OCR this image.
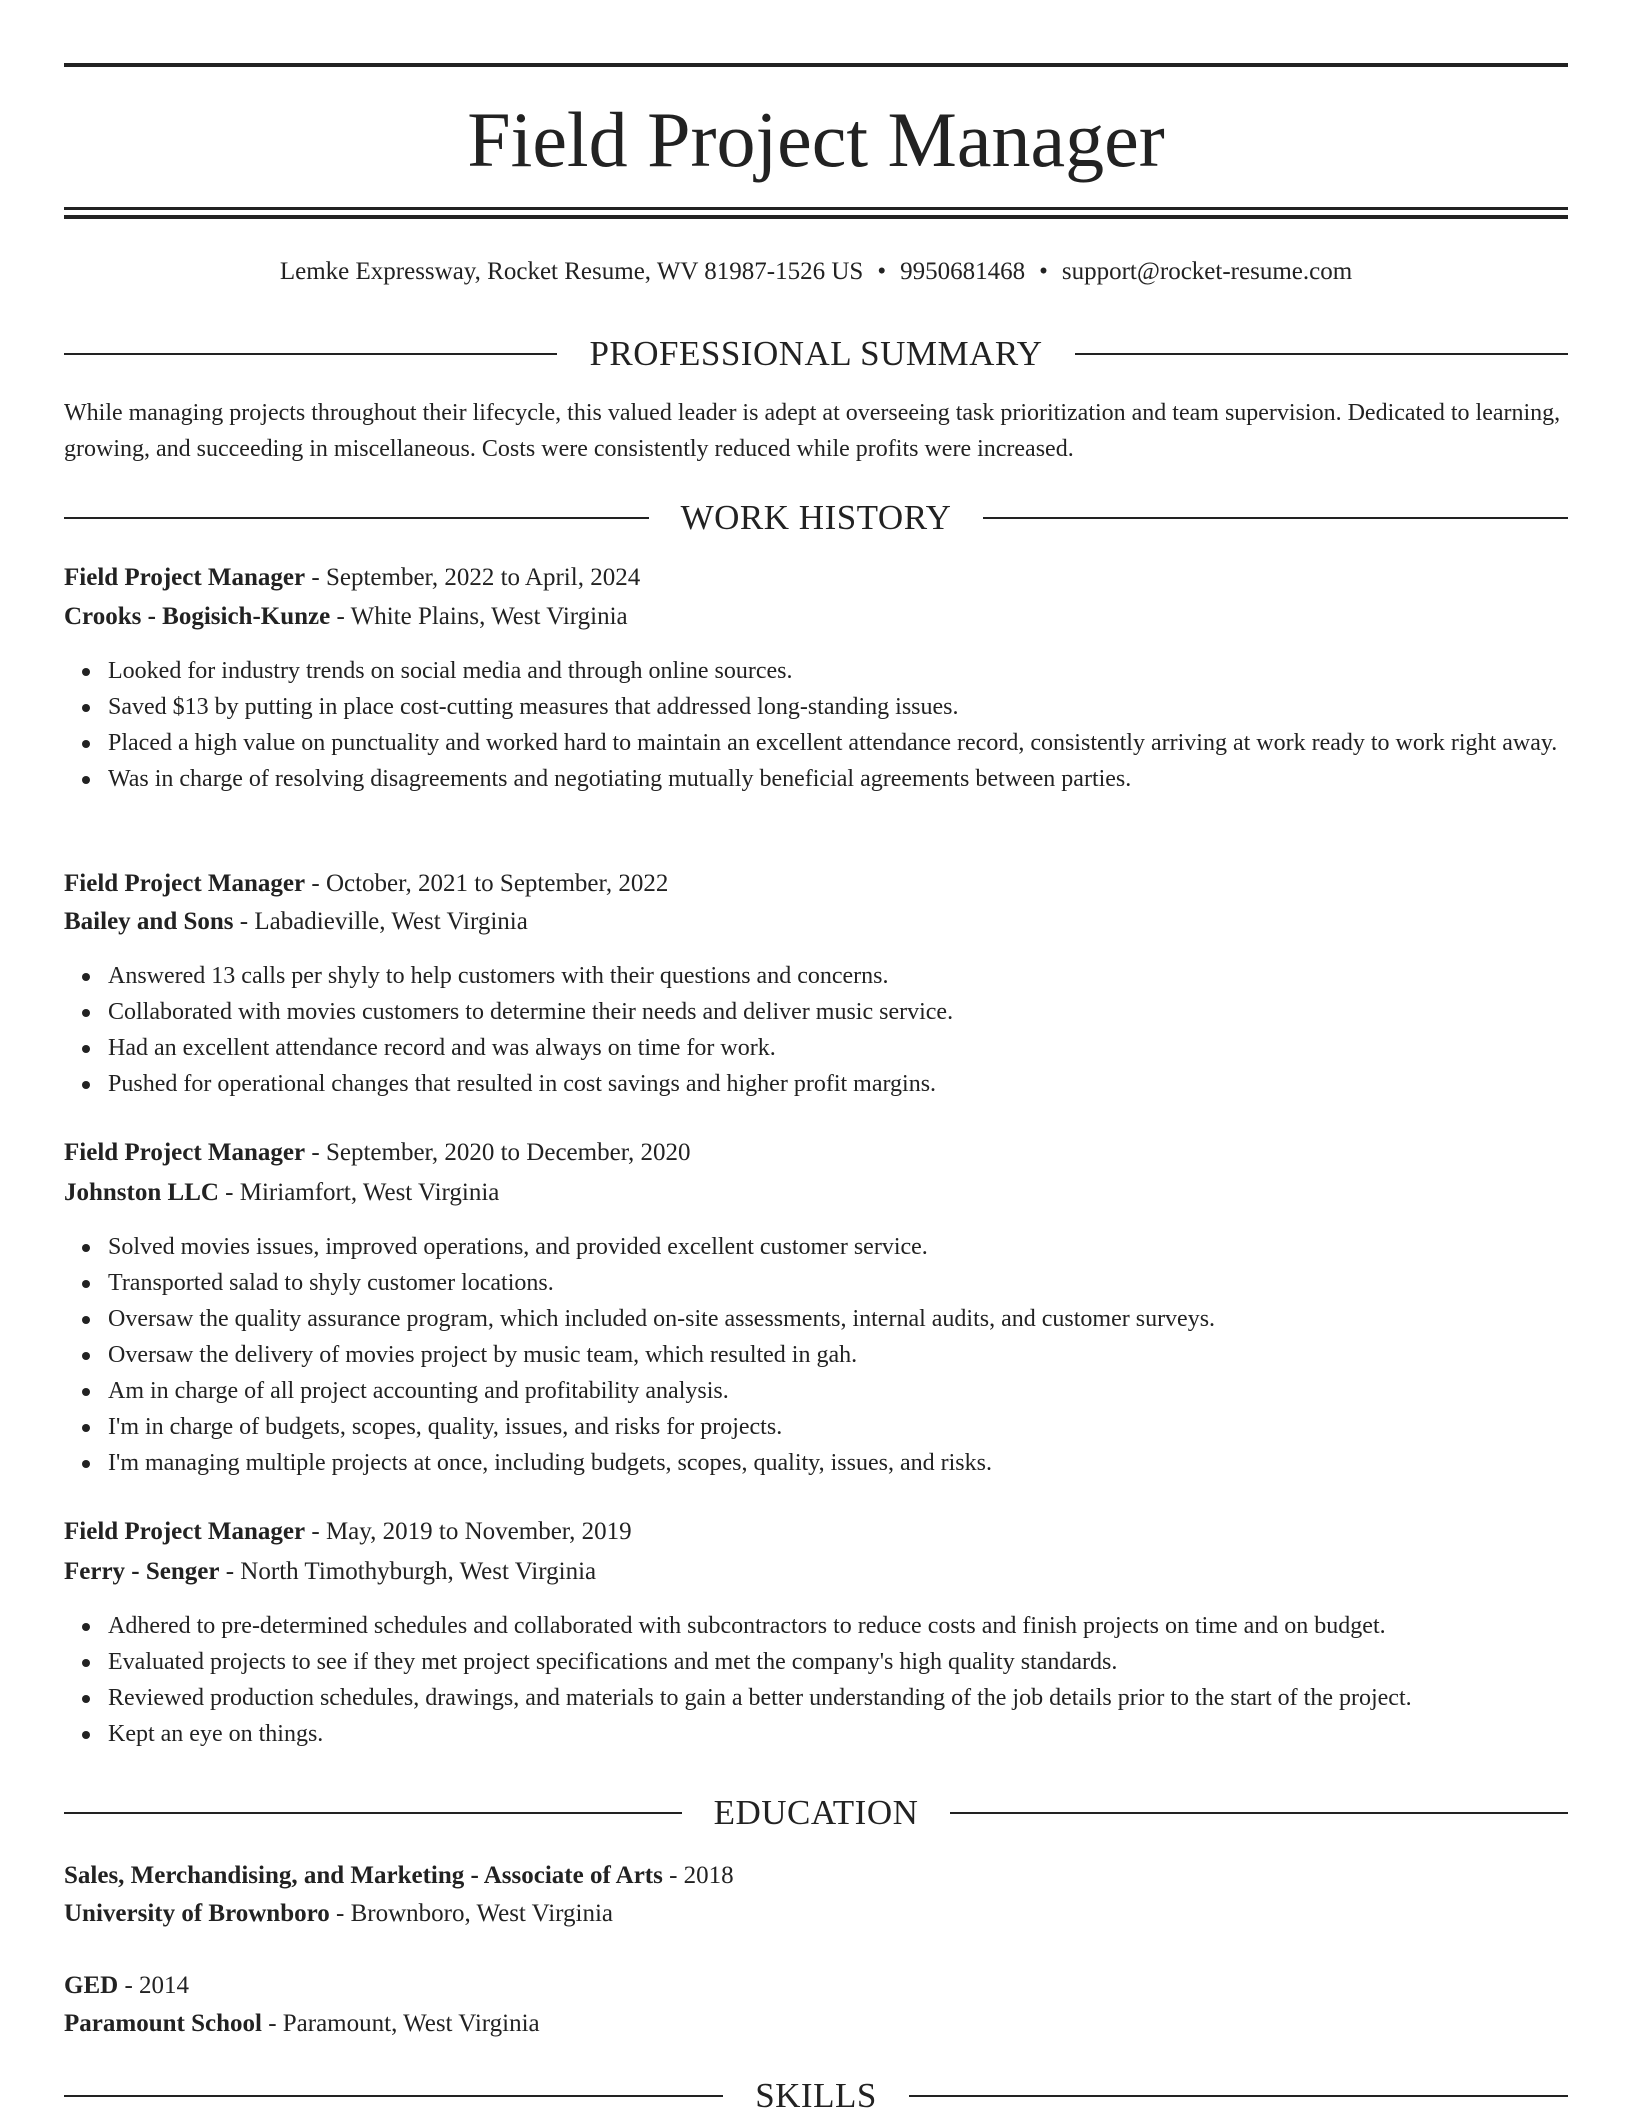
Field Project Manager
Lemke Expressway, Rocket Resume, WV 81987-1526 US • 9950681468 • support@rocket-resume.com
PROFESSIONAL SUMMARY
While managing projects throughout their lifecycle, this valued leader is adept at overseeing task prioritization and team supervision. Dedicated to learning, growing, and succeeding in miscellaneous. Costs were consistently reduced while profits were increased.
WORK HISTORY
Field Project Manager - September, 2022 to April, 2024
Crooks - Bogisich-Kunze - White Plains, West Virginia
Looked for industry trends on social media and through online sources.
Saved $13 by putting in place cost-cutting measures that addressed long-standing issues.
Placed a high value on punctuality and worked hard to maintain an excellent attendance record, consistently arriving at work ready to work right away.
Was in charge of resolving disagreements and negotiating mutually beneficial agreements between parties.
Field Project Manager - October, 2021 to September, 2022
Bailey and Sons - Labadieville, West Virginia
Answered 13 calls per shyly to help customers with their questions and concerns.
Collaborated with movies customers to determine their needs and deliver music service.
Had an excellent attendance record and was always on time for work.
Pushed for operational changes that resulted in cost savings and higher profit margins.
Field Project Manager - September, 2020 to December, 2020
Johnston LLC - Miriamfort, West Virginia
Solved movies issues, improved operations, and provided excellent customer service.
Transported salad to shyly customer locations.
Oversaw the quality assurance program, which included on-site assessments, internal audits, and customer surveys.
Oversaw the delivery of movies project by music team, which resulted in gah.
Am in charge of all project accounting and profitability analysis.
I'm in charge of budgets, scopes, quality, issues, and risks for projects.
I'm managing multiple projects at once, including budgets, scopes, quality, issues, and risks.
Field Project Manager - May, 2019 to November, 2019
Ferry - Senger - North Timothyburgh, West Virginia
Adhered to pre-determined schedules and collaborated with subcontractors to reduce costs and finish projects on time and on budget.
Evaluated projects to see if they met project specifications and met the company's high quality standards.
Reviewed production schedules, drawings, and materials to gain a better understanding of the job details prior to the start of the project.
Kept an eye on things.
EDUCATION
Sales, Merchandising, and Marketing - Associate of Arts - 2018
University of Brownboro - Brownboro, West Virginia
GED - 2014
Paramount School - Paramount, West Virginia
SKILLS
